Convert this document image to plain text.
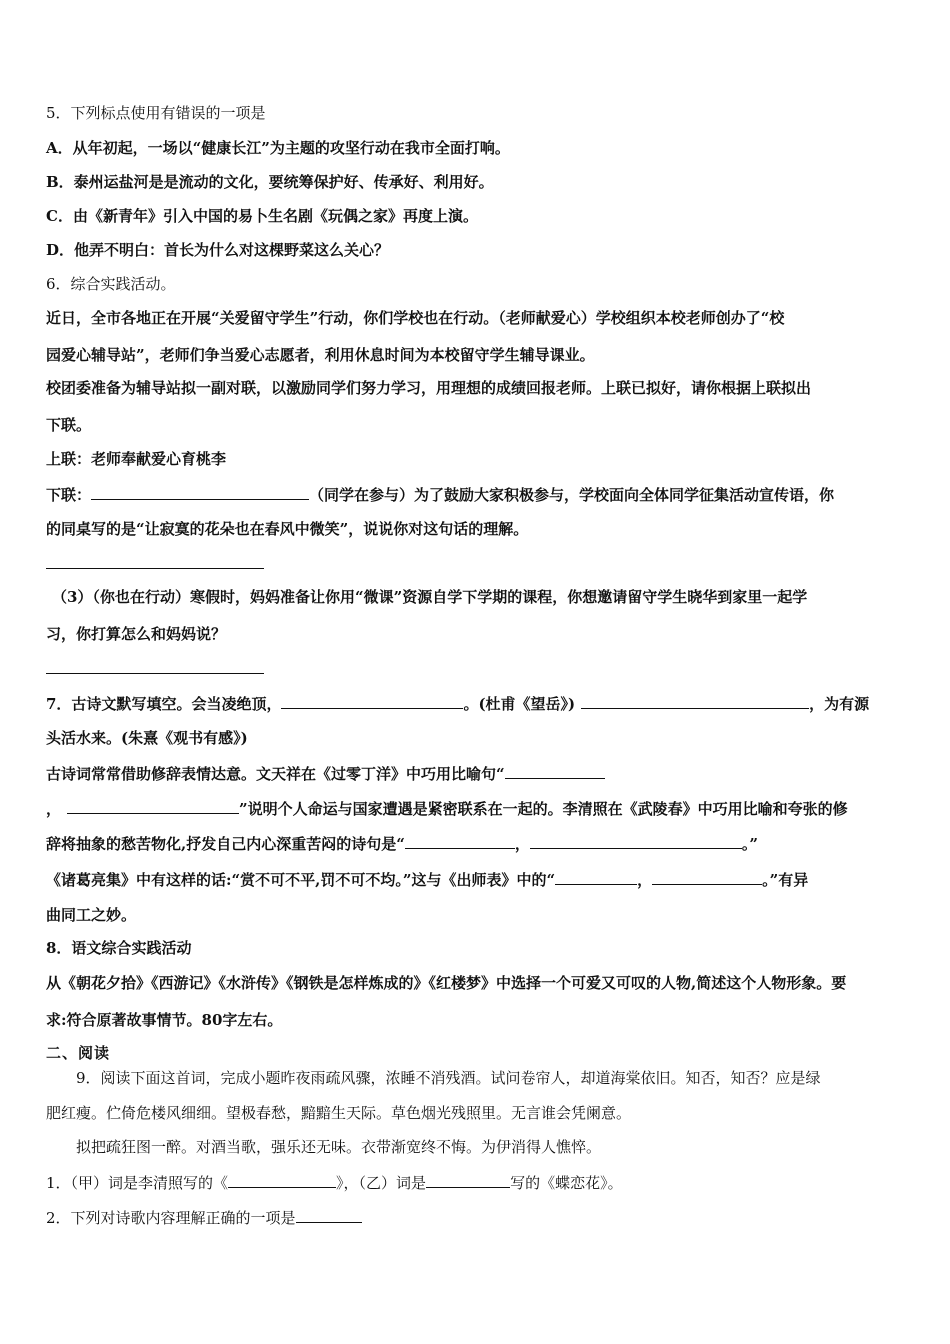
5．下列标点使用有错误的一项是
A．从年初起，一场以“健康长江”为主题的攻坚行动在我市全面打响。
B．泰州运盐河是是流动的文化，要统筹保护好、传承好、利用好。
C．由《新青年》引入中国的易卜生名剧《玩偶之家》再度上演。
D．他弄不明白：首长为什么对这棵野菜这么关心？
6．综合实践活动。
近日，全市各地正在开展“关爱留守学生”行动，你们学校也在行动。（老师献爱心）学校组织本校老师创办了“校
园爱心辅导站”，老师们争当爱心志愿者，利用休息时间为本校留守学生辅导课业。
校团委准备为辅导站拟一副对联，以激励同学们努力学习，用理想的成绩回报老师。上联已拟好，请你根据上联拟出
下联。
上联：老师奉献爱心育桃李
下联：	（同学在参与）为了鼓励大家积极参与，学校面向全体同学征集活动宣传语，你
的同桌写的是“让寂寞的花朵也在春风中微笑”，说说你对这句话的理解。
（3）（你也在行动）寒假时，妈妈准备让你用“微课”资源自学下学期的课程，你想邀请留守学生晓华到家里一起学
习，你打算怎么和妈妈说？
7．古诗文默写填空。会当凌绝顶，	。(杜甫《望岳》)	，为有源
头活水来。(朱熹《观书有感》)
古诗词常常借助修辞表情达意。文天祥在《过零丁洋》中巧用比喻句“
，	”说明个人命运与国家遭遇是紧密联系在一起的。李清照在《武陵春》中巧用比喻和夸张的修
辞将抽象的愁苦物化,抒发自己内心深重苦闷的诗句是“	，	。”
《诸葛亮集》中有这样的话:“赏不可不平,罚不可不均。”这与《出师表》中的“	，	。”有异
曲同工之妙。
8．语文综合实践活动
从《朝花夕拾》《西游记》《水浒传》《钢铁是怎样炼成的》《红楼梦》中选择一个可爱又可叹的人物,简述这个人物形象。要
求:符合原著故事情节。80字左右。
二、阅读
9．阅读下面这首词，完成小题昨夜雨疏风骤，浓睡不消残酒。试问卷帘人，却道海棠依旧。知否，知否？应是绿
肥红瘦。伫倚危楼风细细。望极春愁，黯黯生天际。草色烟光残照里。无言谁会凭阑意。
拟把疏狂图一醉。对酒当歌，强乐还无味。衣带渐宽终不悔。为伊消得人憔悴。
1．（甲）词是李清照写的《	》，（乙）词是	写的《蝶恋花》。
2．下列对诗歌内容理解正确的一项是
